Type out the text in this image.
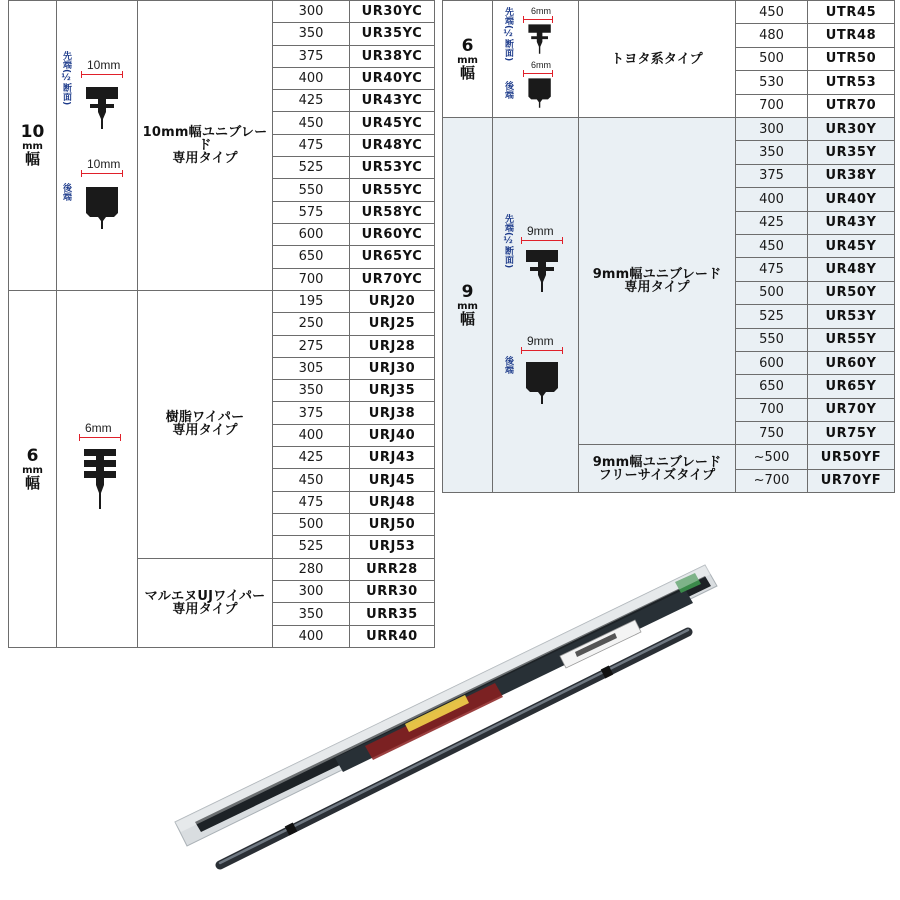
10
mm
幅	先端(½断面) 10mm
後端
10mm	10mm幅ユニブレード
専用タイプ	300	UR30YC
			350	UR35YC
			375	UR38YC
			400	UR40YC
			425	UR43YC
			450	UR45YC
			475	UR48YC
			525	UR53YC
			550	UR55YC
			575	UR58YC
			600	UR60YC
			650	UR65YC
			700	UR70YC

6
mm
幅	6mm	樹脂ワイパー
専用タイプ	195	URJ20
			250	URJ25
			275	URJ28
			305	URJ30
			350	URJ35
			375	URJ38
			400	URJ40
			425	URJ43
			450	URJ45
			475	URJ48
			500	URJ50
			525	URJ53
		マルエヌUJワイパー
専用タイプ	280	URR28
			300	URR30
			350	URR35
			400	URR40
6
mm
幅	先端(½断面) 6mm
後端
6mm	トヨタ系タイプ	450	UTR45
			480	UTR48
			500	UTR50
			530	UTR53
			700	UTR70

9
mm
幅	先端(½断面) 9mm
後端
9mm	9mm幅ユニブレード
専用タイプ	300	UR30Y
			350	UR35Y
			375	UR38Y
			400	UR40Y
			425	UR43Y
			450	UR45Y
			475	UR48Y
			500	UR50Y
			525	UR53Y
			550	UR55Y
			600	UR60Y
			650	UR65Y
			700	UR70Y
			750	UR75Y
		9mm幅ユニブレード
フリーサイズタイプ	~500	UR50YF
			~700	UR70YF
